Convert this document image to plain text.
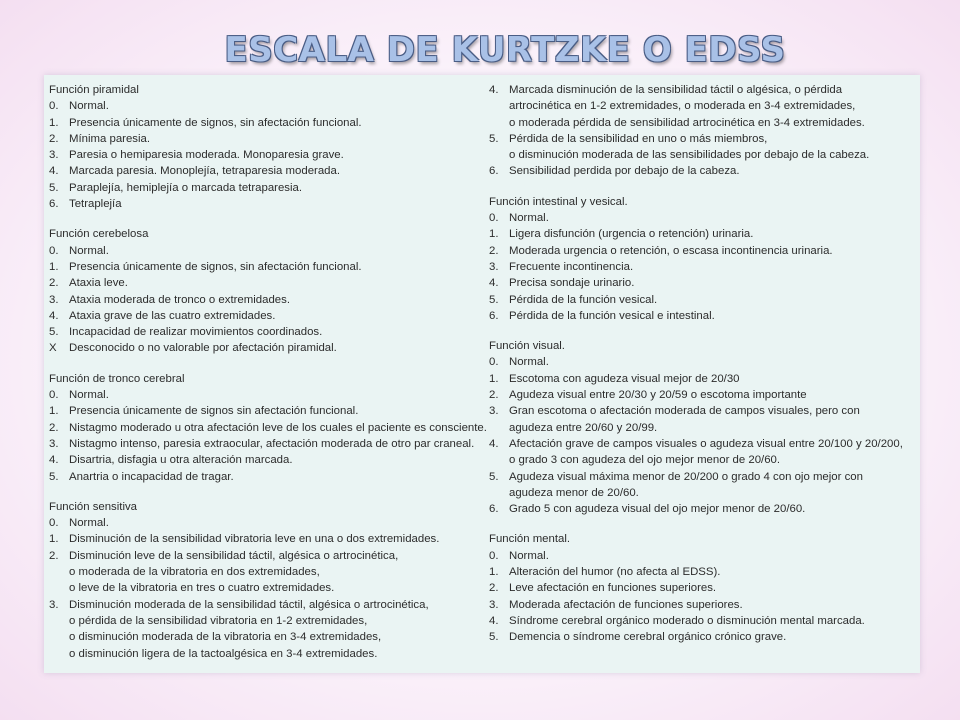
ESCALA DE KURTZKE O EDSS
Función piramidal
0. Normal.
1. Presencia únicamente de signos, sin afectación funcional.
2. Mínima paresia.
3. Paresia o hemiparesia moderada. Monoparesia grave.
4. Marcada paresia. Monoplejía, tetraparesia moderada.
5. Paraplejía, hemiplejía o marcada tetraparesia.
6. Tetraplejía
Función cerebelosa
0. Normal.
1. Presencia únicamente de signos, sin afectación funcional.
2. Ataxia leve.
3. Ataxia moderada de tronco o extremidades.
4. Ataxia grave de las cuatro extremidades.
5. Incapacidad de realizar movimientos coordinados.
X Desconocido o no valorable por afectación piramidal.
Función de tronco cerebral
0. Normal.
1. Presencia únicamente de signos sin afectación funcional.
2. Nistagmo moderado u otra afectación leve de los cuales el paciente es consciente.
3. Nistagmo intenso, paresia extraocular, afectación moderada de otro par craneal.
4. Disartria, disfagia u otra alteración marcada.
5. Anartria o incapacidad de tragar.
Función sensitiva
0. Normal.
1. Disminución de la sensibilidad vibratoria leve en una o dos extremidades.
2. Disminución leve de la sensibilidad táctil, algésica o artrocinética,
o moderada de la vibratoria en dos extremidades,
o leve de la vibratoria en tres o cuatro extremidades.
3. Disminución moderada de la sensibilidad táctil, algésica o artrocinética,
o pérdida de la sensibilidad vibratoria en 1-2 extremidades,
o disminución moderada de la vibratoria en 3-4 extremidades,
o disminución ligera de la tactoalgésica en 3-4 extremidades.
4. Marcada disminución de la sensibilidad táctil o algésica, o pérdida
artrocinética en 1-2 extremidades, o moderada en 3-4 extremidades,
o moderada pérdida de sensibilidad artrocinética en 3-4 extremidades.
5. Pérdida de la sensibilidad en uno o más miembros,
o disminución moderada de las sensibilidades por debajo de la cabeza.
6. Sensibilidad perdida por debajo de la cabeza.
Función intestinal y vesical.
0. Normal.
1. Ligera disfunción (urgencia o retención) urinaria.
2. Moderada urgencia o retención, o escasa incontinencia urinaria.
3. Frecuente incontinencia.
4. Precisa sondaje urinario.
5. Pérdida de la función vesical.
6. Pérdida de la función vesical e intestinal.
Función visual.
0. Normal.
1. Escotoma con agudeza visual mejor de 20/30
2. Agudeza visual entre 20/30 y 20/59 o escotoma importante
3. Gran escotoma o afectación moderada de campos visuales, pero con
agudeza entre 20/60 y 20/99.
4. Afectación grave de campos visuales o agudeza visual entre 20/100 y 20/200,
o grado 3 con agudeza del ojo mejor menor de 20/60.
5. Agudeza visual máxima menor de 20/200 o grado 4 con ojo mejor con
agudeza menor de 20/60.
6. Grado 5 con agudeza visual del ojo mejor menor de 20/60.
Función mental.
0. Normal.
1. Alteración del humor (no afecta al EDSS).
2. Leve afectación en funciones superiores.
3. Moderada afectación de funciones superiores.
4. Síndrome cerebral orgánico moderado o disminución mental marcada.
5. Demencia o síndrome cerebral orgánico crónico grave.
